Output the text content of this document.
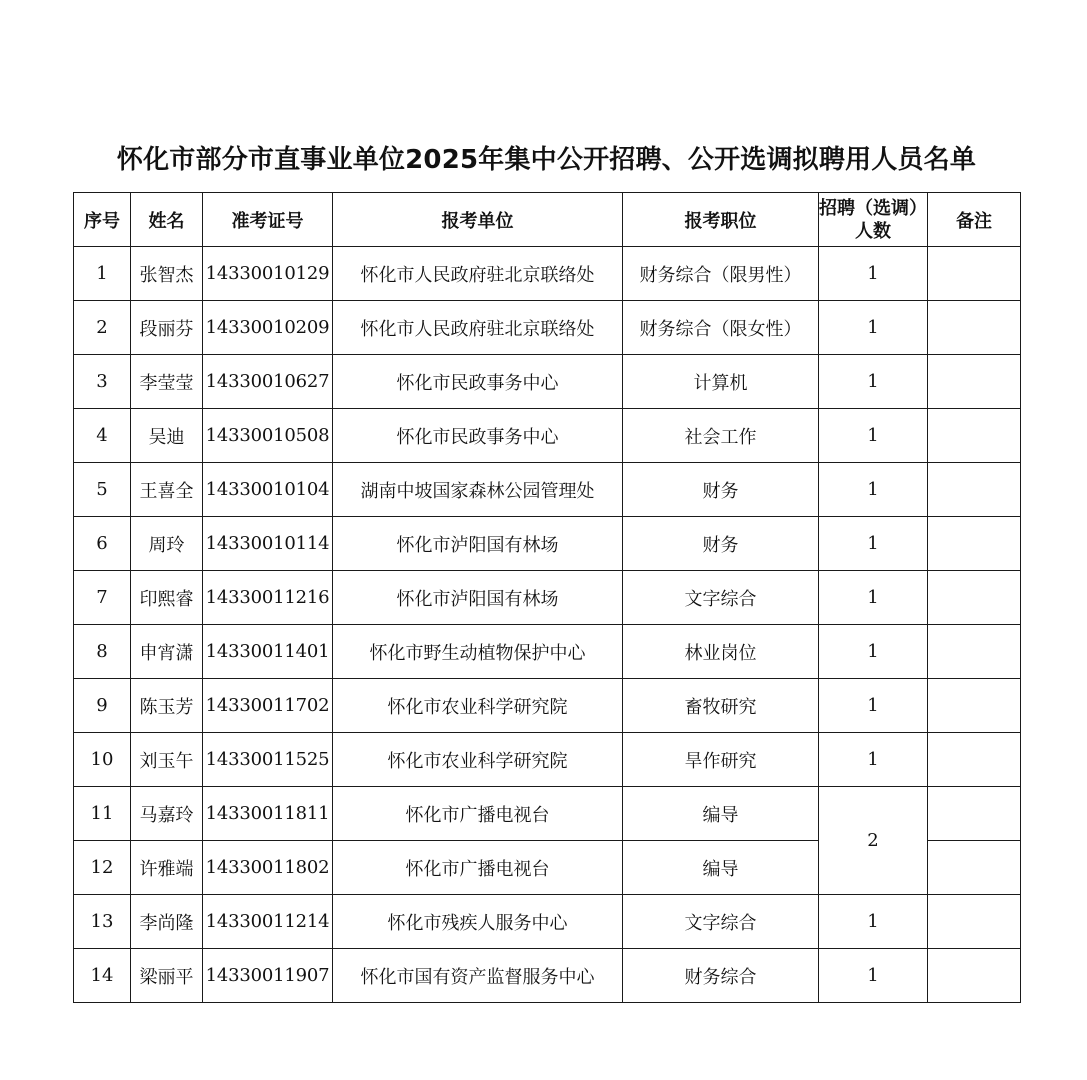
怀化市部分市直事业单位2025年集中公开招聘、公开选调拟聘用人员名单
序号	姓名	准考证号	报考单位	报考职位	招聘（选调）人数	备注
1	张智杰	14330010129	怀化市人民政府驻北京联络处	财务综合（限男性）	1	
2	段丽芬	14330010209	怀化市人民政府驻北京联络处	财务综合（限女性）	1	
3	李莹莹	14330010627	怀化市民政事务中心	计算机	1	
4	吴迪	14330010508	怀化市民政事务中心	社会工作	1	
5	王喜全	14330010104	湖南中坡国家森林公园管理处	财务	1	
6	周玲	14330010114	怀化市泸阳国有林场	财务	1	
7	印熙睿	14330011216	怀化市泸阳国有林场	文字综合	1	
8	申宵潇	14330011401	怀化市野生动植物保护中心	林业岗位	1	
9	陈玉芳	14330011702	怀化市农业科学研究院	畜牧研究	1	
10	刘玉午	14330011525	怀化市农业科学研究院	旱作研究	1	
11	马嘉玲	14330011811	怀化市广播电视台	编导	2	
12	许雅端	14330011802	怀化市广播电视台	编导		
13	李尚隆	14330011214	怀化市残疾人服务中心	文字综合	1	
14	梁丽平	14330011907	怀化市国有资产监督服务中心	财务综合	1	
